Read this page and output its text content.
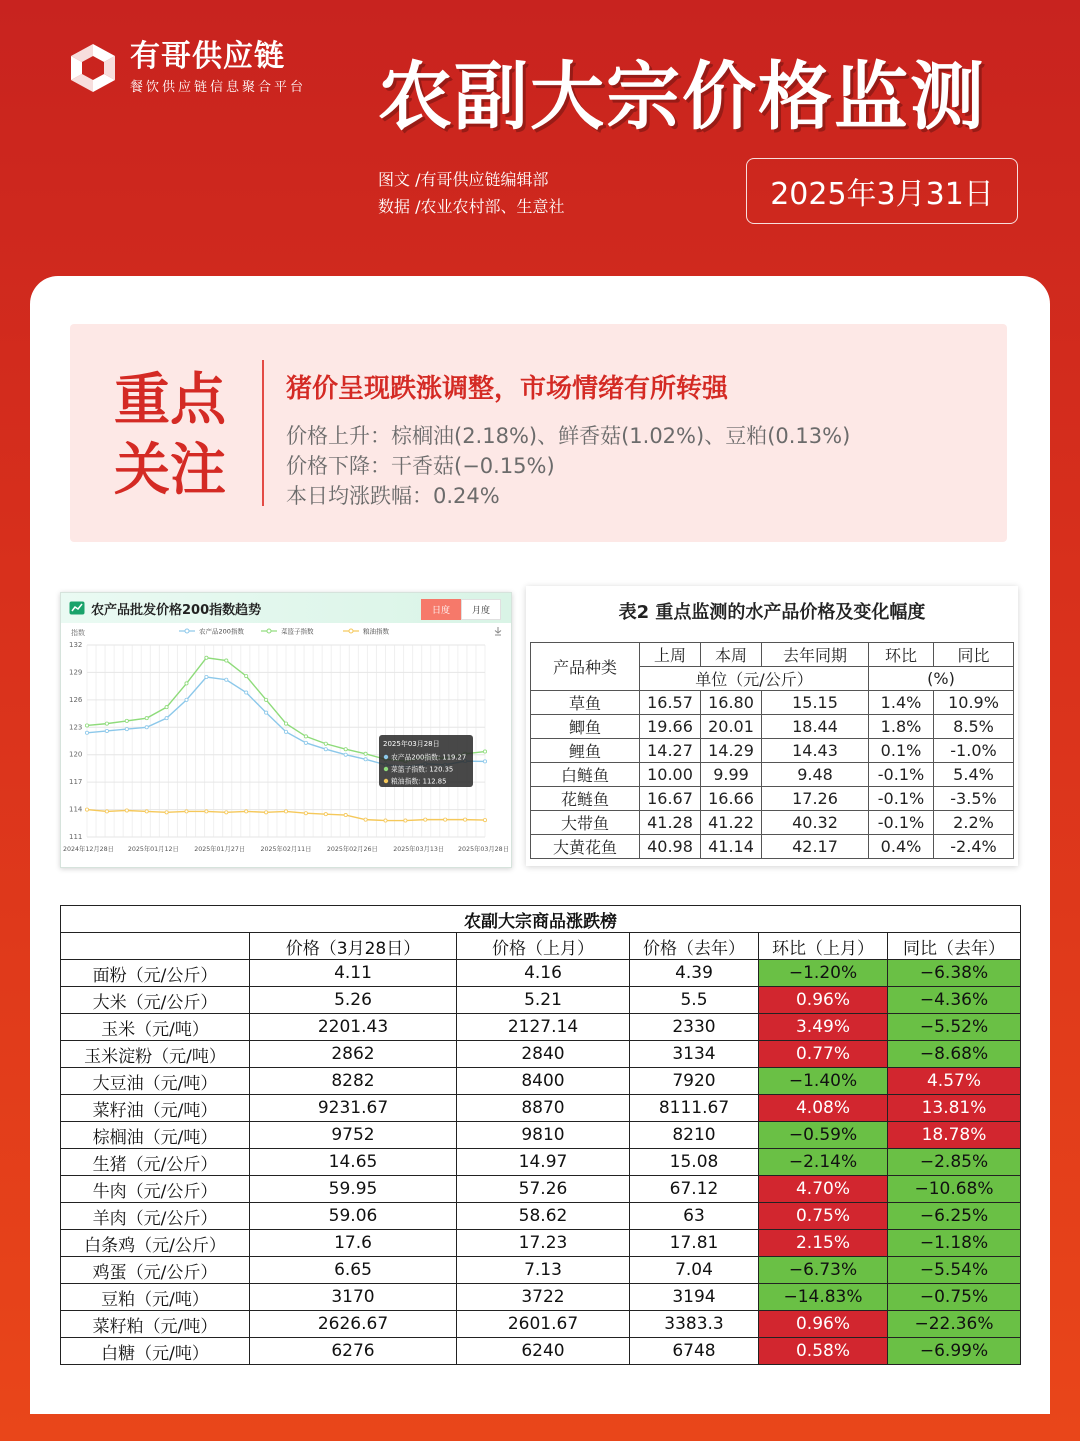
有哥供应链
餐饮供应链信息聚合平台 农副大宗价格监测
图文 /有哥供应链编辑部
数据 /农业农村部、生意社	2025年3月31日
重点关注
猪价呈现跌涨调整，市场情绪有所转强
价格上升：棕榈油(2.18%)、鲜香菇(1.02%)、豆粕(0.13%)
价格下降：干香菇(−0.15%)
本日均涨跌幅：0.24%
农产品批发价格200指数趋势	日度	月度
111
114
117
120
123
126
129
132
指数	农产品200指数	菜篮子指数	粮油指数
2024年12月28日 2025年01月12日 2025年01月27日 2025年02月11日 2025年02月26日 2025年03月13日 2025年03月28日
2025年03月28日
农产品200指数: 119.27
菜篮子指数: 120.35
粮油指数: 112.85
表2 重点监测的水产品价格及变化幅度
产品种类	上周	本周	去年同期	环比	同比
	单位（元/公斤）			(%)	
草鱼	16.57	16.80	15.15	1.4%	10.9%
鲫鱼	19.66	20.01	18.44	1.8%	8.5%
鲤鱼	14.27	14.29	14.43	0.1%	-1.0%
白鲢鱼	10.00	9.99	9.48	-0.1%	5.4%
花鲢鱼	16.67	16.66	17.26	-0.1%	-3.5%
大带鱼	41.28	41.22	40.32	-0.1%	2.2%
大黄花鱼	40.98	41.14	42.17	0.4%	-2.4%
农副大宗商品涨跌榜					
	价格（3月28日）	价格（上月）	价格（去年）	环比（上月）	同比（去年）
面粉（元/公斤）	4.11	4.16	4.39	−1.20%	−6.38%
大米（元/公斤）	5.26	5.21	5.5	0.96%	−4.36%
玉米（元/吨）	2201.43	2127.14	2330	3.49%	−5.52%
玉米淀粉（元/吨）	2862	2840	3134	0.77%	−8.68%
大豆油（元/吨）	8282	8400	7920	−1.40%	4.57%
菜籽油（元/吨）	9231.67	8870	8111.67	4.08%	13.81%
棕榈油（元/吨）	9752	9810	8210	−0.59%	18.78%
生猪（元/公斤）	14.65	14.97	15.08	−2.14%	−2.85%
牛肉（元/公斤）	59.95	57.26	67.12	4.70%	−10.68%
羊肉（元/公斤）	59.06	58.62	63	0.75%	−6.25%
白条鸡（元/公斤）	17.6	17.23	17.81	2.15%	−1.18%
鸡蛋（元/公斤）	6.65	7.13	7.04	−6.73%	−5.54%
豆粕（元/吨）	3170	3722	3194	−14.83%	−0.75%
菜籽粕（元/吨）	2626.67	2601.67	3383.3	0.96%	−22.36%
白糖（元/吨）	6276	6240	6748	0.58%	−6.99%
